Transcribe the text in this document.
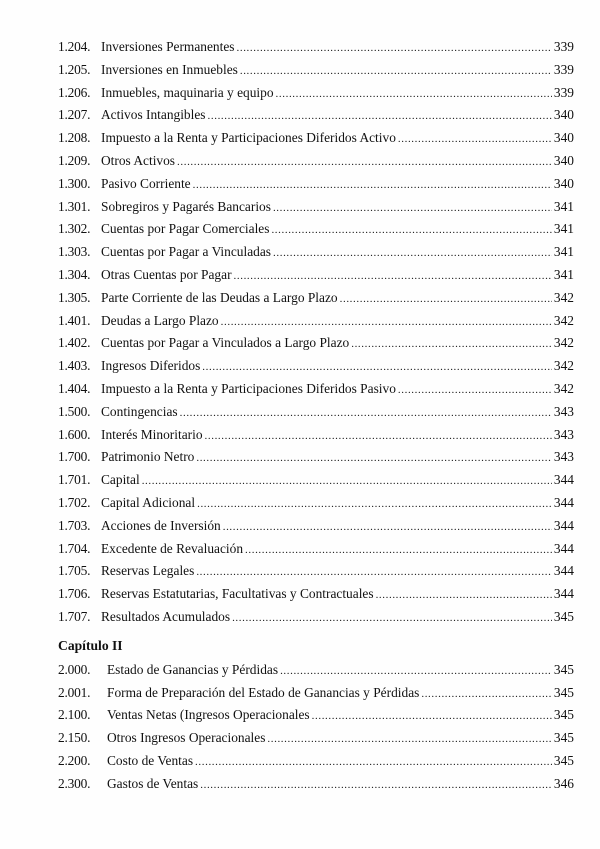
1.204. Inversiones Permanentes .....	339
1.205. Inversiones en Inmuebles .....	339
1.206. Inmuebles, maquinaria y equipo .....	339
1.207. Activos Intangibles .....	340
1.208. Impuesto a la Renta y Participaciones Diferidos Activo .....	340
1.209. Otros Activos .....	340
1.300. Pasivo Corriente .....	340
1.301. Sobregiros y Pagarés Bancarios .....	341
1.302. Cuentas por Pagar Comerciales .....	341
1.303. Cuentas por Pagar a Vinculadas .....	341
1.304. Otras Cuentas por Pagar .....	341
1.305. Parte Corriente de las Deudas a Largo Plazo .....	342
1.401. Deudas a Largo Plazo .....	342
1.402. Cuentas por Pagar a Vinculados a Largo Plazo .....	342
1.403. Ingresos Diferidos .....	342
1.404. Impuesto a la Renta y Participaciones Diferidos Pasivo .....	342
1.500. Contingencias .....	343
1.600. Interés Minoritario .....	343
1.700. Patrimonio Netro .....	343
1.701. Capital .....	344
1.702. Capital Adicional .....	344
1.703. Acciones de Inversión .....	344
1.704. Excedente de Revaluación .....	344
1.705. Reservas Legales .....	344
1.706. Reservas Estatutarias, Facultativas y Contractuales .....	344
1.707. Resultados Acumulados .....	345
Capítulo II
2.000.	Estado de Ganancias y Pérdidas .....	345
2.001.	Forma de Preparación del Estado de Ganancias y Pérdidas .....	345
2.100.	Ventas Netas (Ingresos Operacionales .....	345
2.150.	Otros Ingresos Operacionales .....	345
2.200.	Costo de Ventas .....	345
2.300.	Gastos de Ventas .....	346
